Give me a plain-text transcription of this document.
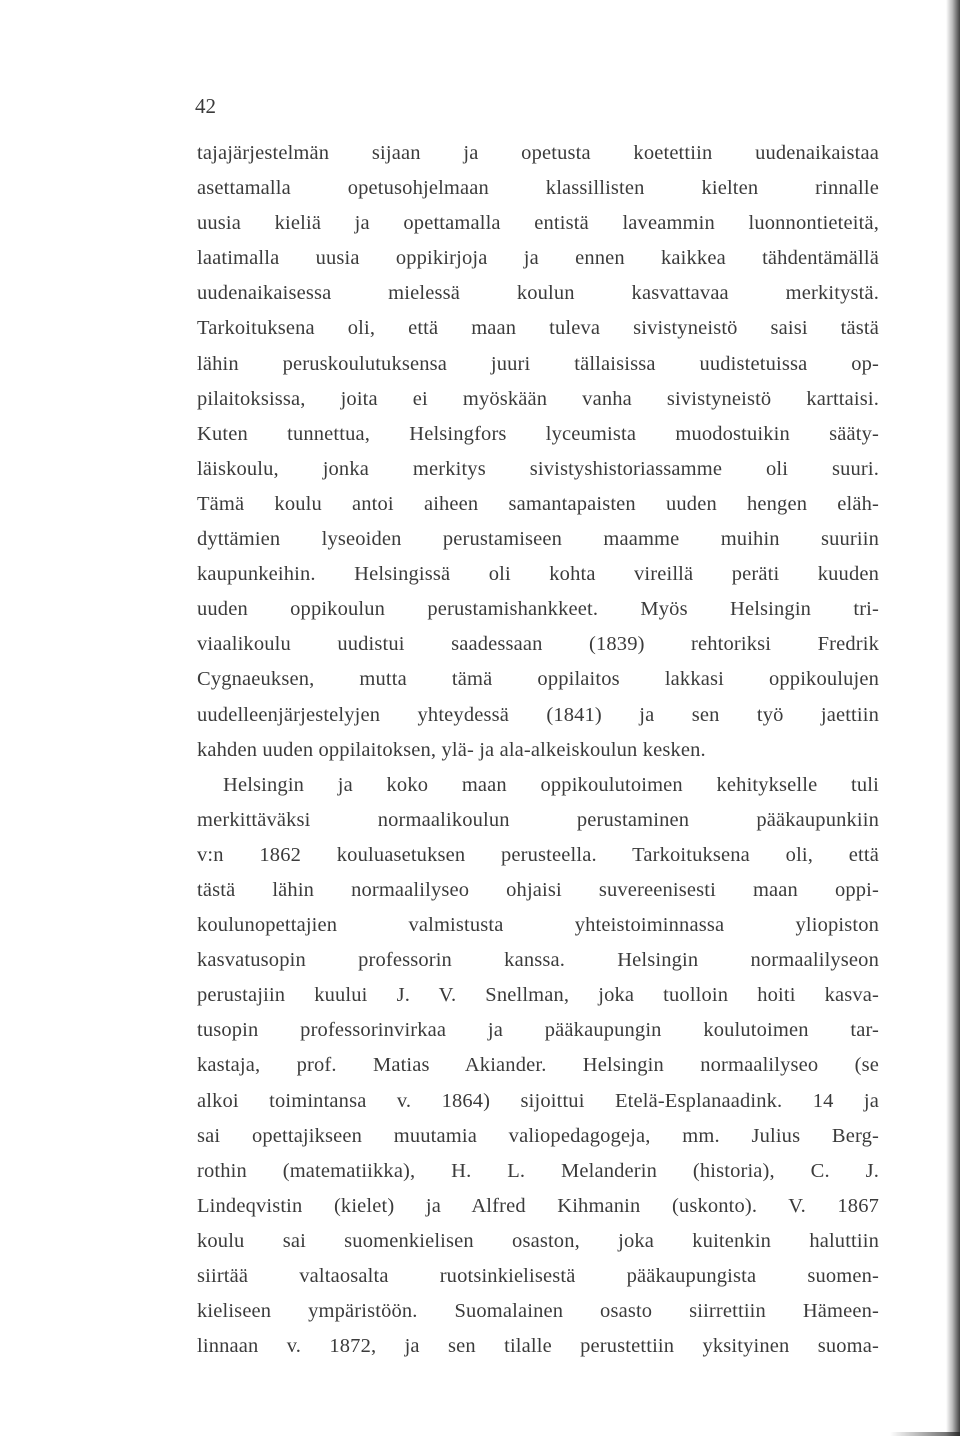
42
tajajärjestelmän sijaan ja opetusta koetettiin uudenaikaistaa
asettamalla opetusohjelmaan klassillisten kielten rinnalle
uusia kieliä ja opettamalla entistä laveammin luonnontieteitä,
laatimalla uusia oppikirjoja ja ennen kaikkea tähdentämällä
uudenaikaisessa mielessä koulun kasvattavaa merkitystä.
Tarkoituksena oli, että maan tuleva sivistyneistö saisi tästä
lähin peruskoulutuksensa juuri tällaisissa uudistetuissa op-
pilaitoksissa, joita ei myöskään vanha sivistyneistö karttaisi.
Kuten tunnettua, Helsingfors lyceumista muodostuikin sääty-
läiskoulu, jonka merkitys sivistyshistoriassamme oli suuri.
Tämä koulu antoi aiheen samantapaisten uuden hengen eläh-
dyttämien lyseoiden perustamiseen maamme muihin suuriin
kaupunkeihin. Helsingissä oli kohta vireillä peräti kuuden
uuden oppikoulun perustamishankkeet. Myös Helsingin tri-
viaalikoulu uudistui saadessaan (1839) rehtoriksi Fredrik
Cygnaeuksen, mutta tämä oppilaitos lakkasi oppikoulujen
uudelleenjärjestelyjen yhteydessä (1841) ja sen työ jaettiin
kahden uuden oppilaitoksen, ylä- ja ala-alkeiskoulun kesken.
Helsingin ja koko maan oppikoulutoimen kehitykselle tuli
merkittäväksi normaalikoulun perustaminen pääkaupunkiin
v:n 1862 kouluasetuksen perusteella. Tarkoituksena oli, että
tästä lähin normaalilyseo ohjaisi suvereenisesti maan oppi-
koulunopettajien valmistusta yhteistoiminnassa yliopiston
kasvatusopin professorin kanssa. Helsingin normaalilyseon
perustajiin kuului J. V. Snellman, joka tuolloin hoiti kasva-
tusopin professorinvirkaa ja pääkaupungin koulutoimen tar-
kastaja, prof. Matias Akiander. Helsingin normaalilyseo (se
alkoi toimintansa v. 1864) sijoittui Etelä-Esplanaadink. 14 ja
sai opettajikseen muutamia valiopedagogeja, mm. Julius Berg-
rothin (matematiikka), H. L. Melanderin (historia), C. J.
Lindeqvistin (kielet) ja Alfred Kihmanin (uskonto). V. 1867
koulu sai suomenkielisen osaston, joka kuitenkin haluttiin
siirtää valtaosalta ruotsinkielisestä pääkaupungista suomen-
kieliseen ympäristöön. Suomalainen osasto siirrettiin Hämeen-
linnaan v. 1872, ja sen tilalle perustettiin yksityinen suoma-
